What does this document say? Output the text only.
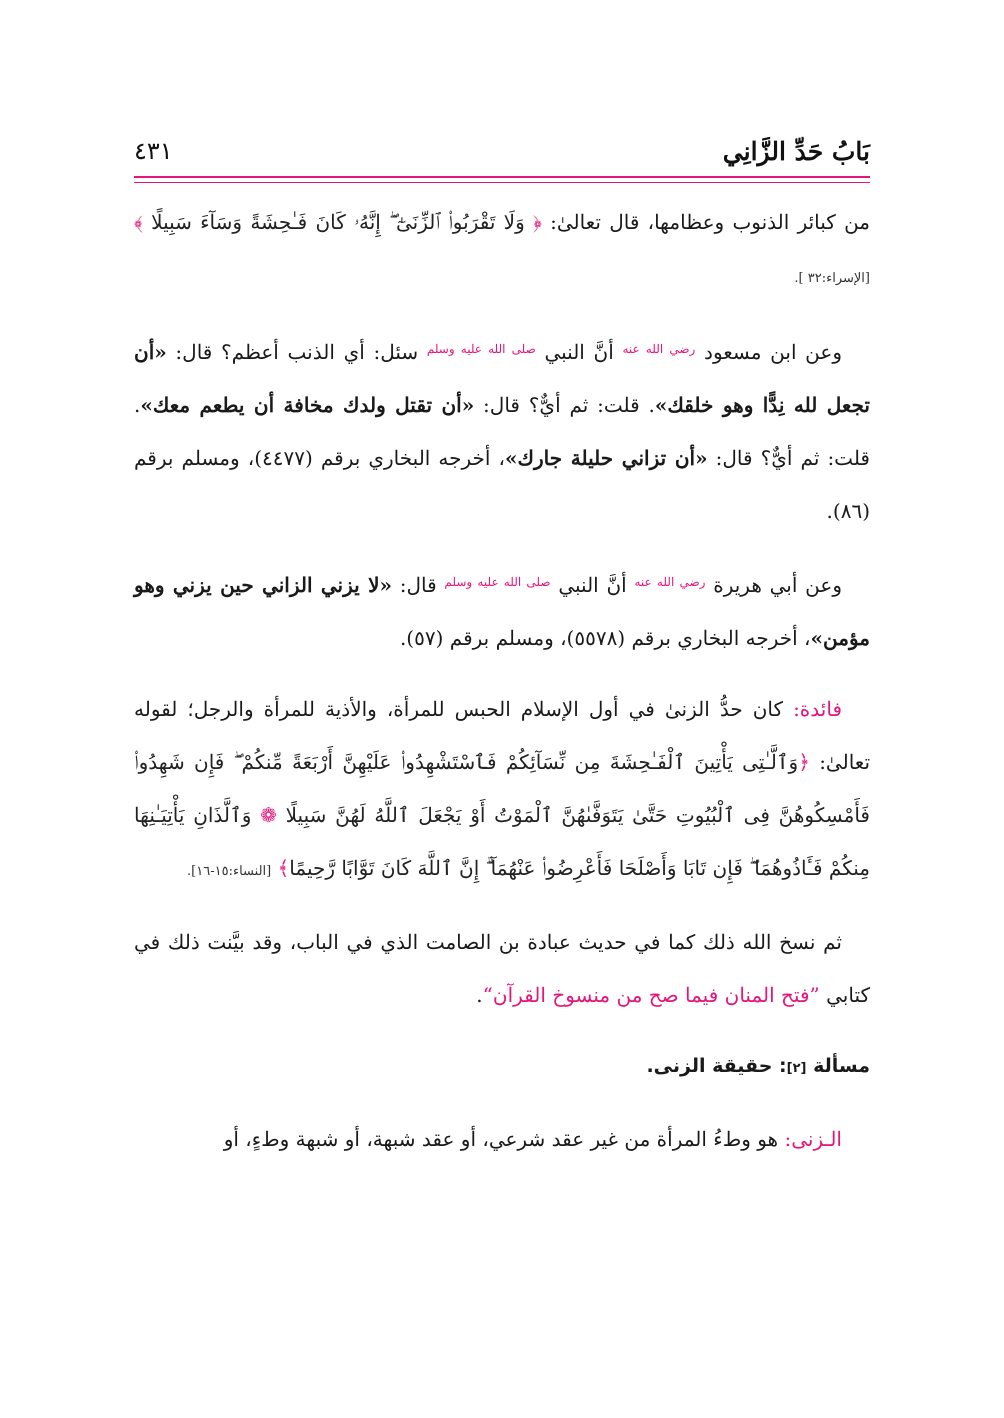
بَابُ حَدِّ الزَّانِي
٤٣١

من كبائر الذنوب وعظامها، قال تعالىٰ: ﴿ وَلَا تَقْرَبُوا۟ ٱلزِّنَىٰٓ ۖ إِنَّهُۥ كَانَ فَـٰحِشَةً وَسَآءَ سَبِيلًا ﴾ [الإسراء:٣٢ ].

وعن ابن مسعود $^{رضي الله عنه}$ أنَّ النبي $^{صلى الله عليه وسلم}$ سئل: أي الذنب أعظم؟ قال: «أن تجعل لله نِدًّا وهو خلقك». قلت: ثم أيٌّ؟ قال: «أن تقتل ولدك مخافة أن يطعم معك». قلت: ثم أيٌّ؟ قال: «أن تزاني حليلة جارك»، أخرجه البخاري برقم (٤٤٧٧)، ومسلم برقم (٨٦).

وعن أبي هريرة $^{رضي الله عنه}$ أنَّ النبي $^{صلى الله عليه وسلم}$ قال: «لا يزني الزاني حين يزني وهو مؤمن»، أخرجه البخاري برقم (٥٥٧٨)، ومسلم برقم (٥٧).

فائدة: كان حدُّ الزنىٰ في أول الإسلام الحبس للمرأة، والأذية للمرأة والرجل؛ لقوله تعالىٰ: ﴿وَٱلَّـٰتِى يَأْتِينَ ٱلْفَـٰحِشَةَ مِن نِّسَآئِكُمْ فَٱسْتَشْهِدُوا۟ عَلَيْهِنَّ أَرْبَعَةً مِّنكُمْ ۖ فَإِن شَهِدُوا۟ فَأَمْسِكُوهُنَّ فِى ٱلْبُيُوتِ حَتَّىٰ يَتَوَفَّىٰهُنَّ ٱلْمَوْتُ أَوْ يَجْعَلَ ٱللَّهُ لَهُنَّ سَبِيلًا ❁ وَٱلَّذَانِ يَأْتِيَـٰنِهَا مِنكُمْ فَـَٔاذُوهُمَا ۖ فَإِن تَابَا وَأَصْلَحَا فَأَعْرِضُوا۟ عَنْهُمَآ ۗ إِنَّ ٱللَّهَ كَانَ تَوَّابًا رَّحِيمًا﴾ [النساء:١٥-١٦].

ثم نسخ الله ذلك كما في حديث عبادة بن الصامت الذي في الباب، وقد بيَّنت ذلك في كتابي ”فتح المنان فيما صح من منسوخ القرآن“.

مسألة [٢]: حقيقة الزنى.

الـزنى: هو وطءُ المرأة من غير عقد شرعي، أو عقد شبهة، أو شبهة وطءٍ، أو
